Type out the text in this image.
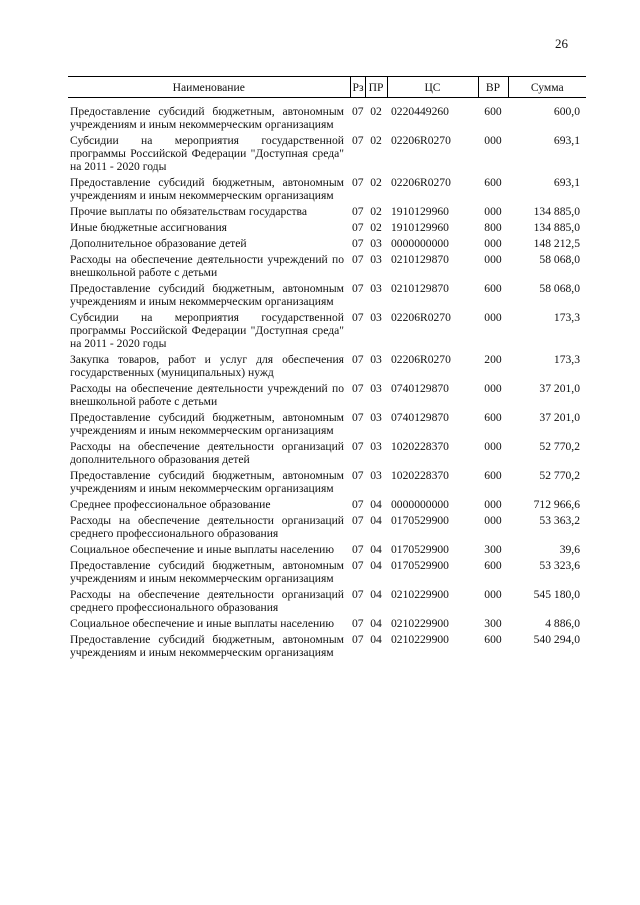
26
Наименование	Рз	ПР	ЦС	ВР	Сумма
Предоставление субсидий бюджетным, автономным учреждениям и иным некоммерческим организациям	07	02	0220449260	600	600,0
Субсидии на мероприятия государственной программы Российской Федерации "Доступная среда" на 2011 - 2020 годы	07	02	02206R0270	000	693,1
Предоставление субсидий бюджетным, автономным учреждениям и иным некоммерческим организациям	07	02	02206R0270	600	693,1
Прочие выплаты по обязательствам государства	07	02	1910129960	000	134 885,0
Иные бюджетные ассигнования	07	02	1910129960	800	134 885,0
Дополнительное образование детей	07	03	0000000000	000	148 212,5
Расходы на обеспечение деятельности учреждений по внешкольной работе с детьми	07	03	0210129870	000	58 068,0
Предоставление субсидий бюджетным, автономным учреждениям и иным некоммерческим организациям	07	03	0210129870	600	58 068,0
Субсидии на мероприятия государственной программы Российской Федерации "Доступная среда" на 2011 - 2020 годы	07	03	02206R0270	000	173,3
Закупка товаров, работ и услуг для обеспечения государственных (муниципальных) нужд	07	03	02206R0270	200	173,3
Расходы на обеспечение деятельности учреждений по внешкольной работе с детьми	07	03	0740129870	000	37 201,0
Предоставление субсидий бюджетным, автономным учреждениям и иным некоммерческим организациям	07	03	0740129870	600	37 201,0
Расходы на обеспечение деятельности организаций дополнительного образования детей	07	03	1020228370	000	52 770,2
Предоставление субсидий бюджетным, автономным учреждениям и иным некоммерческим организациям	07	03	1020228370	600	52 770,2
Среднее профессиональное образование	07	04	0000000000	000	712 966,6
Расходы на обеспечение деятельности организаций среднего профессионального образования	07	04	0170529900	000	53 363,2
Социальное обеспечение и иные выплаты населению	07	04	0170529900	300	39,6
Предоставление субсидий бюджетным, автономным учреждениям и иным некоммерческим организациям	07	04	0170529900	600	53 323,6
Расходы на обеспечение деятельности организаций среднего профессионального образования	07	04	0210229900	000	545 180,0
Социальное обеспечение и иные выплаты населению	07	04	0210229900	300	4 886,0
Предоставление субсидий бюджетным, автономным учреждениям и иным некоммерческим организациям	07	04	0210229900	600	540 294,0
